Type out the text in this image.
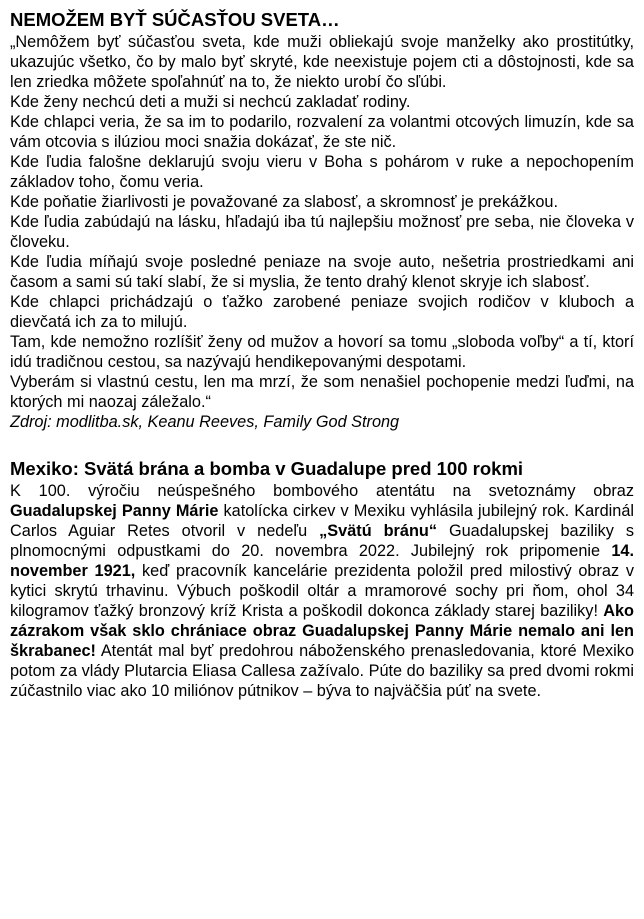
NEMOŽEM BYŤ SÚČASŤOU SVETA…

„Nemôžem byť súčasťou sveta, kde muži obliekajú svoje manželky ako prostitútky, ukazujúc všetko, čo by malo byť skryté, kde neexistuje pojem cti a dôstojnosti, kde sa len zriedka môžete spoľahnúť na to, že niekto urobí čo sľúbi.

Kde ženy nechcú deti a muži si nechcú zakladať rodiny.

Kde chlapci veria, že sa im to podarilo, rozvalení za volantmi otcových limuzín, kde sa vám otcovia s ilúziou moci snažia dokázať, že ste nič.

Kde ľudia falošne deklarujú svoju vieru v Boha s pohárom v ruke a nepochopením základov toho, čomu veria.

Kde poňatie žiarlivosti je považované za slabosť, a skromnosť je prekážkou.

Kde ľudia zabúdajú na lásku, hľadajú iba tú najlepšiu možnosť pre seba, nie človeka v človeku.

Kde ľudia míňajú svoje posledné peniaze na svoje auto, nešetria prostriedkami ani časom a sami sú takí slabí, že si myslia, že tento drahý klenot skryje ich slabosť.

Kde chlapci prichádzajú o ťažko zarobené peniaze svojich rodičov v kluboch a dievčatá ich za to milujú.

Tam, kde nemožno rozlíšiť ženy od mužov a hovorí sa tomu „sloboda voľby“ a tí, ktorí idú tradičnou cestou, sa nazývajú hendikepovanými despotami.

Vyberám si vlastnú cestu, len ma mrzí, že som nenašiel pochopenie medzi ľuďmi, na ktorých mi naozaj záležalo.“

Zdroj: modlitba.sk, Keanu Reeves, Family God Strong

Mexiko: Svätá brána a bomba v Guadalupe pred 100 rokmi

K 100. výročiu neúspešného bombového atentátu na svetoznámy obraz Guadalupskej Panny Márie katolícka cirkev v Mexiku vyhlásila jubilejný rok. Kardinál Carlos Aguiar Retes otvoril v nedeľu „Svätú bránu“ Guadalupskej baziliky s plnomocnými odpustkami do 20. novembra 2022. Jubilejný rok pripomenie 14. november 1921, keď pracovník kancelárie prezidenta položil pred milostivý obraz v kytici skrytú trhavinu. Výbuch poškodil oltár a mramorové sochy pri ňom, ohol 34 kilogramov ťažký bronzový kríž Krista a poškodil dokonca základy starej baziliky! Ako zázrakom však sklo chrániace obraz Guadalupskej Panny Márie nemalo ani len škrabanec! Atentát mal byť predohrou náboženského prenasledovania, ktoré Mexiko potom za vlády Plutarcia Eliasa Callesa zažívalo. Púte do baziliky sa pred dvomi rokmi zúčastnilo viac ako 10 miliónov pútnikov – býva to najväčšia púť na svete.
